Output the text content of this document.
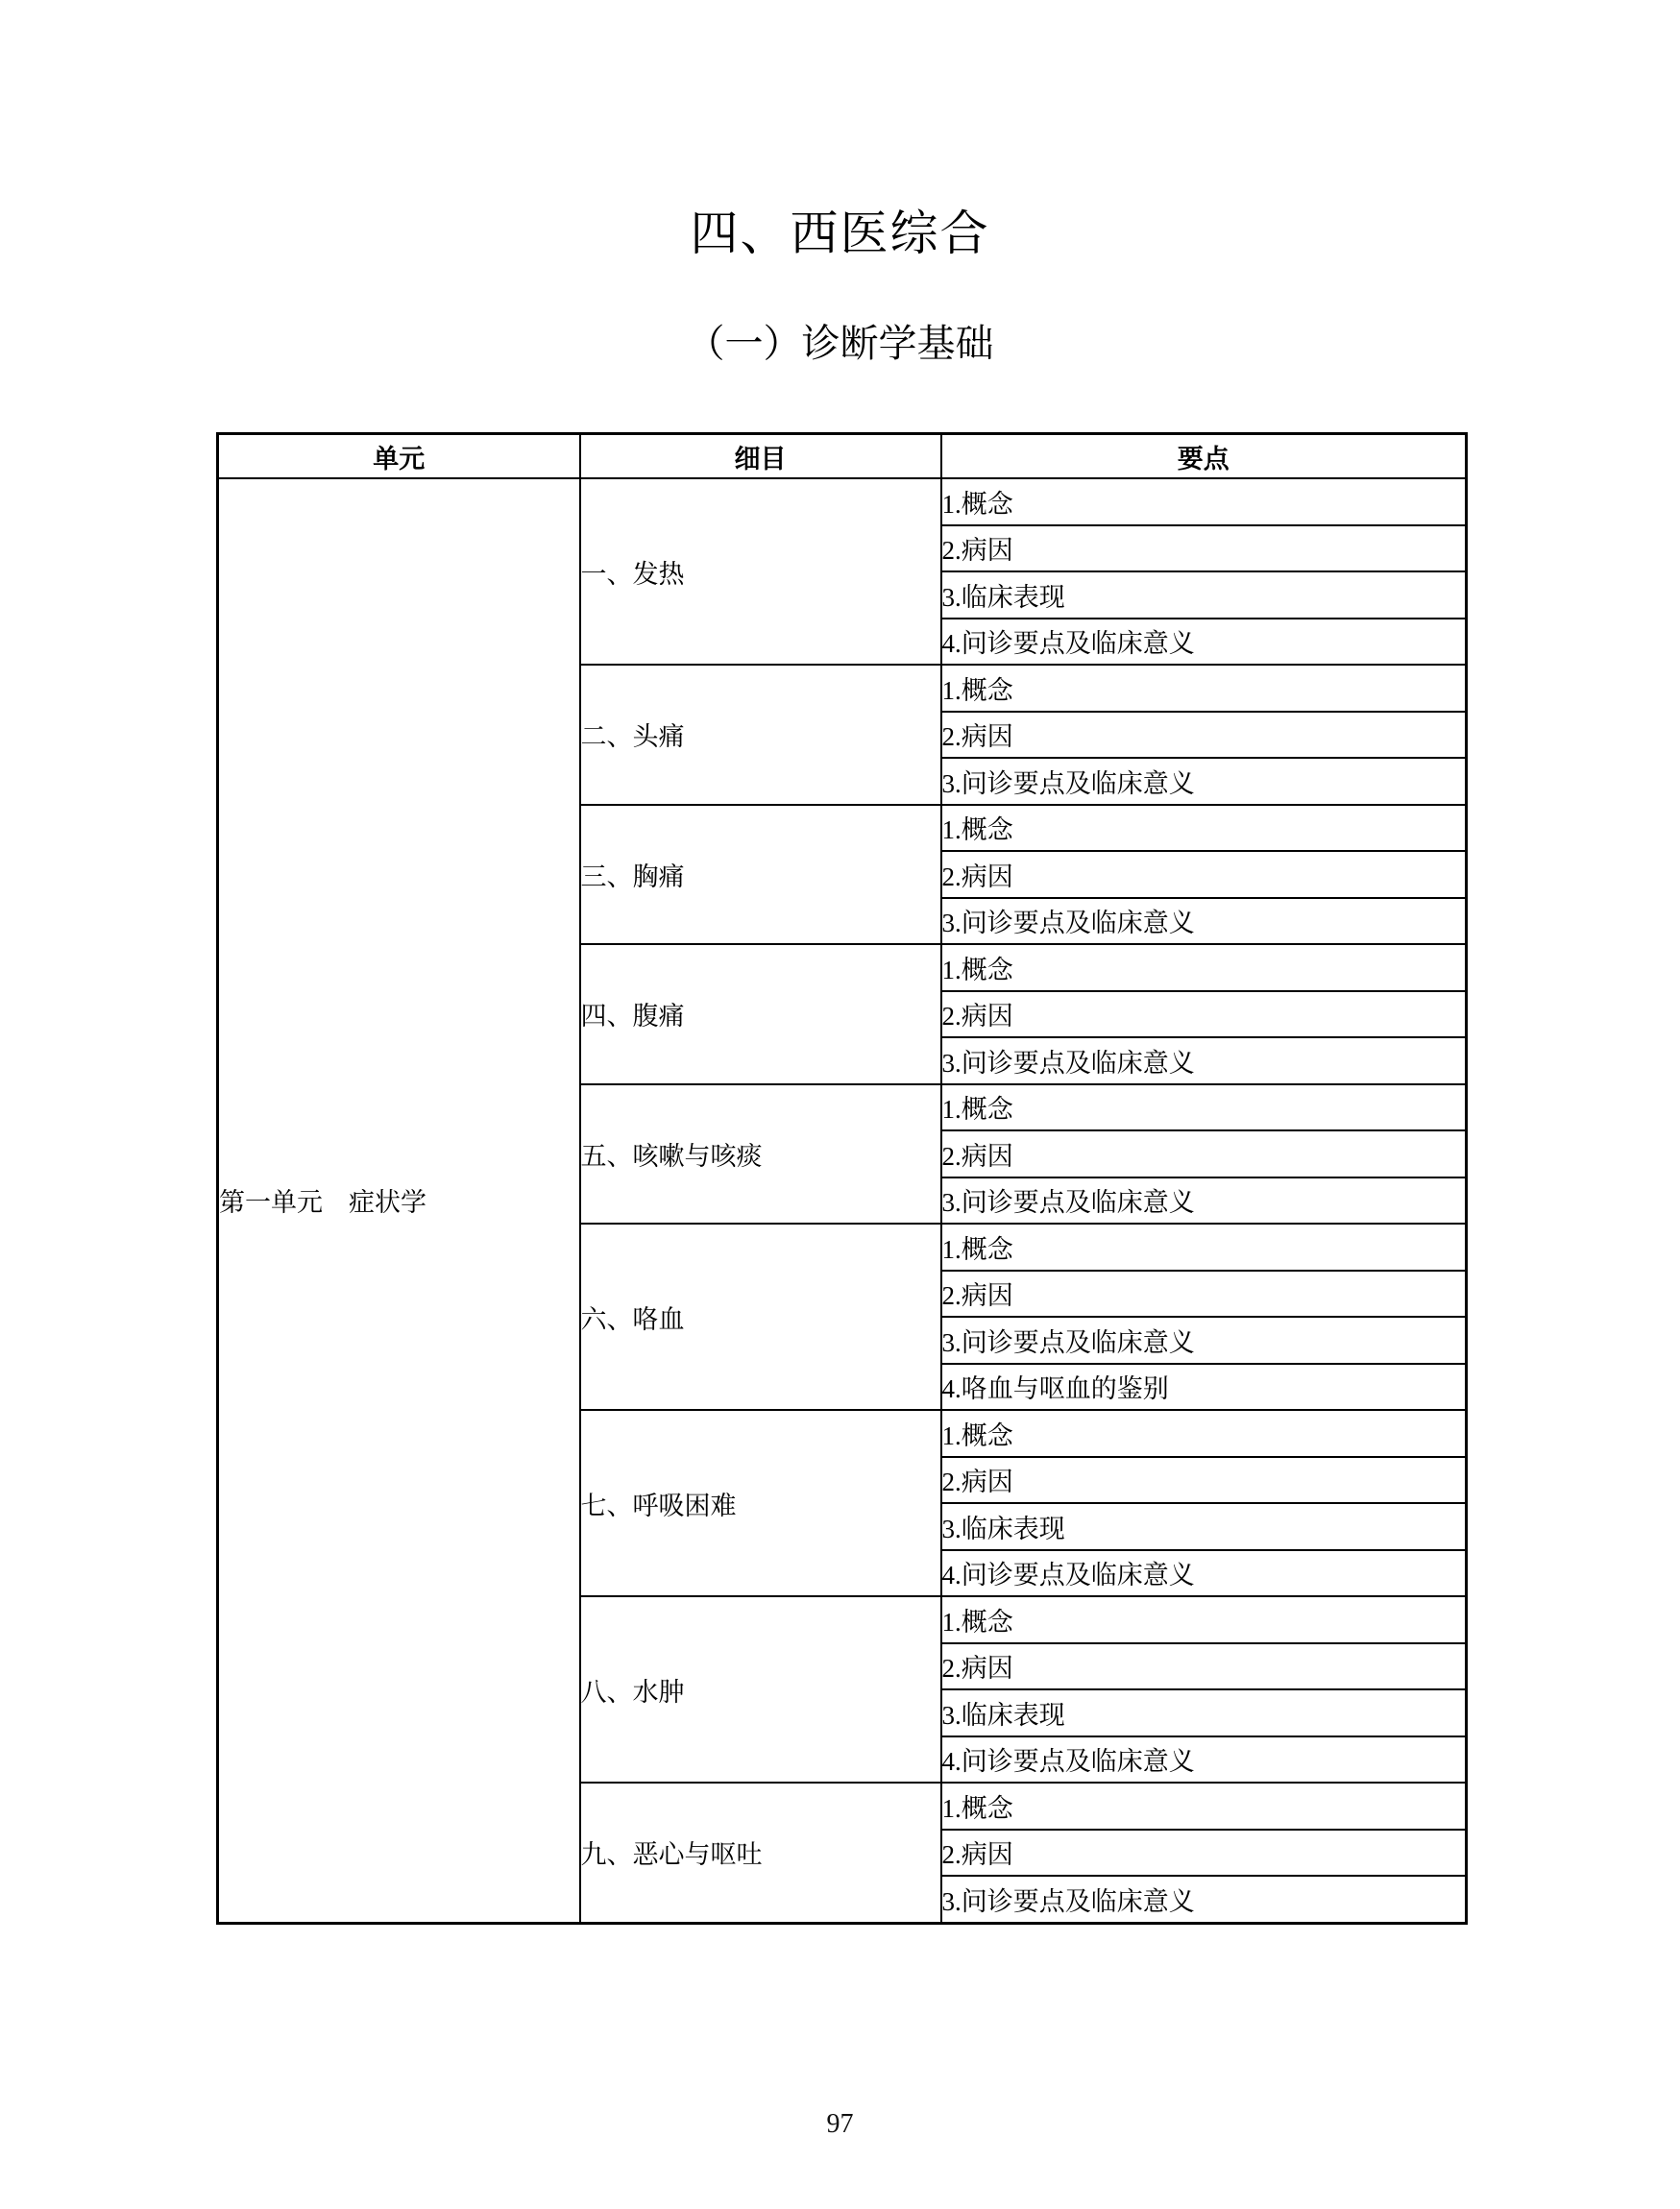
四、西医综合
（一）诊断学基础
单元	细目	要点
第一单元　症状学	一、发热	1.概念
		2.病因
		3.临床表现
		4.问诊要点及临床意义
	二、头痛	1.概念
		2.病因
		3.问诊要点及临床意义
	三、胸痛	1.概念
		2.病因
		3.问诊要点及临床意义
	四、腹痛	1.概念
		2.病因
		3.问诊要点及临床意义
	五、咳嗽与咳痰	1.概念
		2.病因
		3.问诊要点及临床意义
	六、咯血	1.概念
		2.病因
		3.问诊要点及临床意义
		4.咯血与呕血的鉴别
	七、呼吸困难	1.概念
		2.病因
		3.临床表现
		4.问诊要点及临床意义
	八、水肿	1.概念
		2.病因
		3.临床表现
		4.问诊要点及临床意义
	九、恶心与呕吐	1.概念
		2.病因
		3.问诊要点及临床意义
97
